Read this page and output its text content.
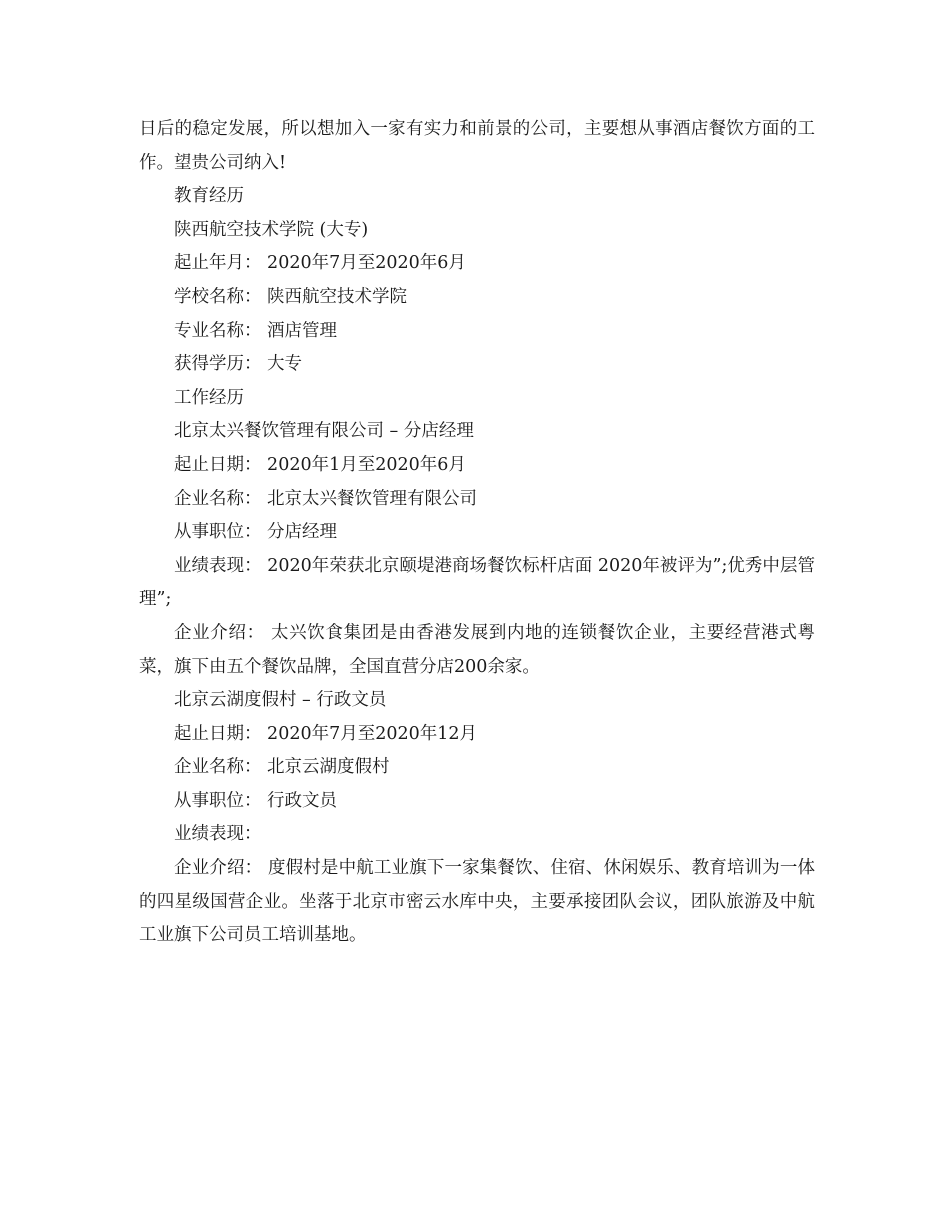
日后的稳定发展，所以想加入一家有实力和前景的公司，主要想从事酒店餐饮方面的工作。望贵公司纳入!

教育经历

陕西航空技术学院 (大专)

起止年月： 2020年7月至2020年6月

学校名称： 陕西航空技术学院

专业名称： 酒店管理

获得学历： 大专

工作经历

北京太兴餐饮管理有限公司 – 分店经理

起止日期： 2020年1月至2020年6月

企业名称： 北京太兴餐饮管理有限公司

从事职位： 分店经理

业绩表现： 2020年荣获北京颐堤港商场餐饮标杆店面 2020年被评为”;优秀中层管理”;

企业介绍： 太兴饮食集团是由香港发展到内地的连锁餐饮企业，主要经营港式粤菜，旗下由五个餐饮品牌，全国直营分店200余家。

北京云湖度假村 – 行政文员

起止日期： 2020年7月至2020年12月

企业名称： 北京云湖度假村

从事职位： 行政文员

业绩表现：

企业介绍： 度假村是中航工业旗下一家集餐饮、住宿、休闲娱乐、教育培训为一体的四星级国营企业。坐落于北京市密云水库中央，主要承接团队会议，团队旅游及中航工业旗下公司员工培训基地。
